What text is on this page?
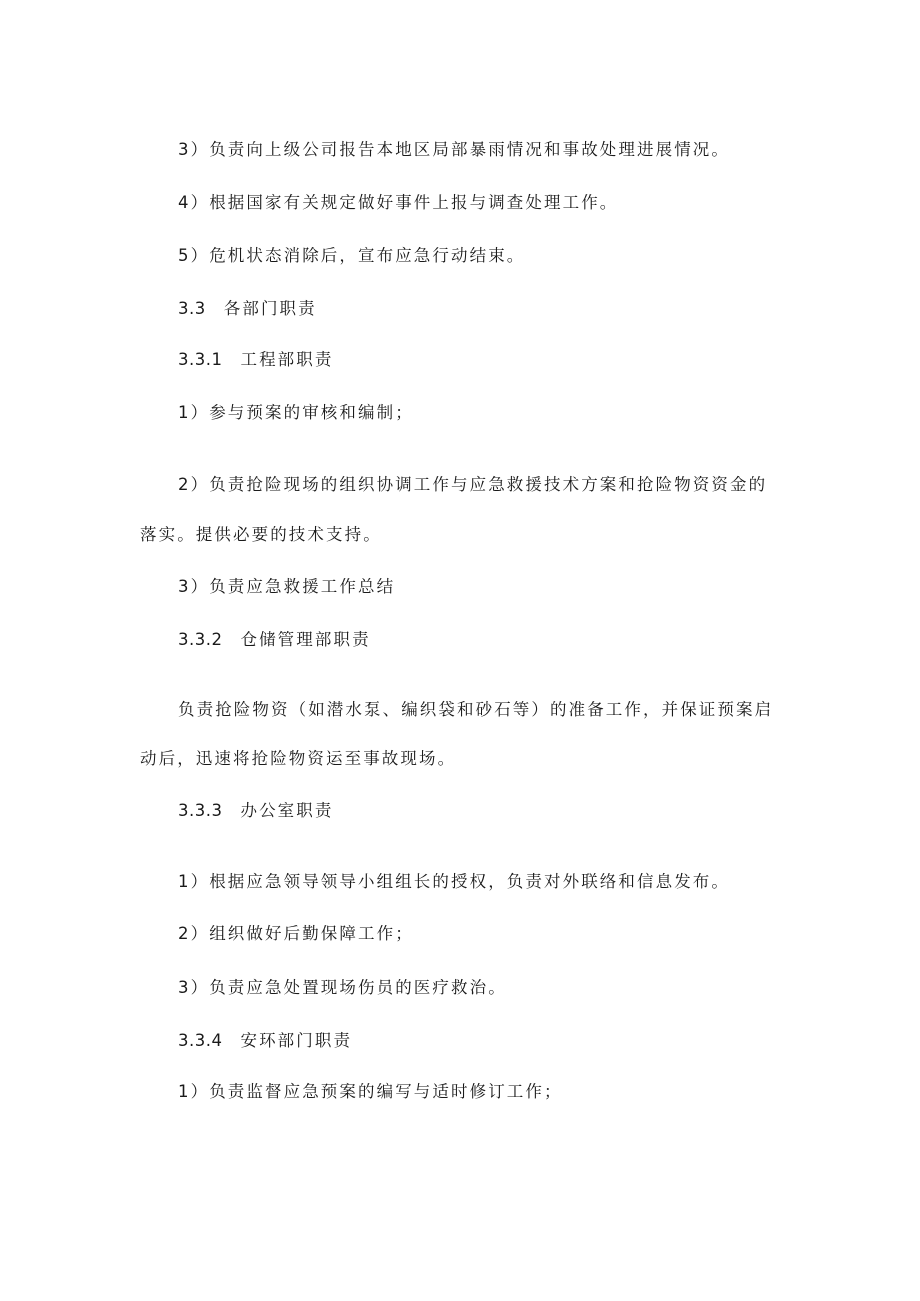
3）负责向上级公司报告本地区局部暴雨情况和事故处理进展情况。
4）根据国家有关规定做好事件上报与调查处理工作。
5）危机状态消除后，宣布应急行动结束。
3.3 各部门职责
3.3.1 工程部职责
1）参与预案的审核和编制；
2）负责抢险现场的组织协调工作与应急救援技术方案和抢险物资资金的
落实。提供必要的技术支持。
3）负责应急救援工作总结
3.3.2 仓储管理部职责
负责抢险物资（如潜水泵、编织袋和砂石等）的准备工作，并保证预案启
动后，迅速将抢险物资运至事故现场。
3.3.3 办公室职责
1）根据应急领导领导小组组长的授权，负责对外联络和信息发布。
2）组织做好后勤保障工作；
3）负责应急处置现场伤员的医疗救治。
3.3.4 安环部门职责
1）负责监督应急预案的编写与适时修订工作；
